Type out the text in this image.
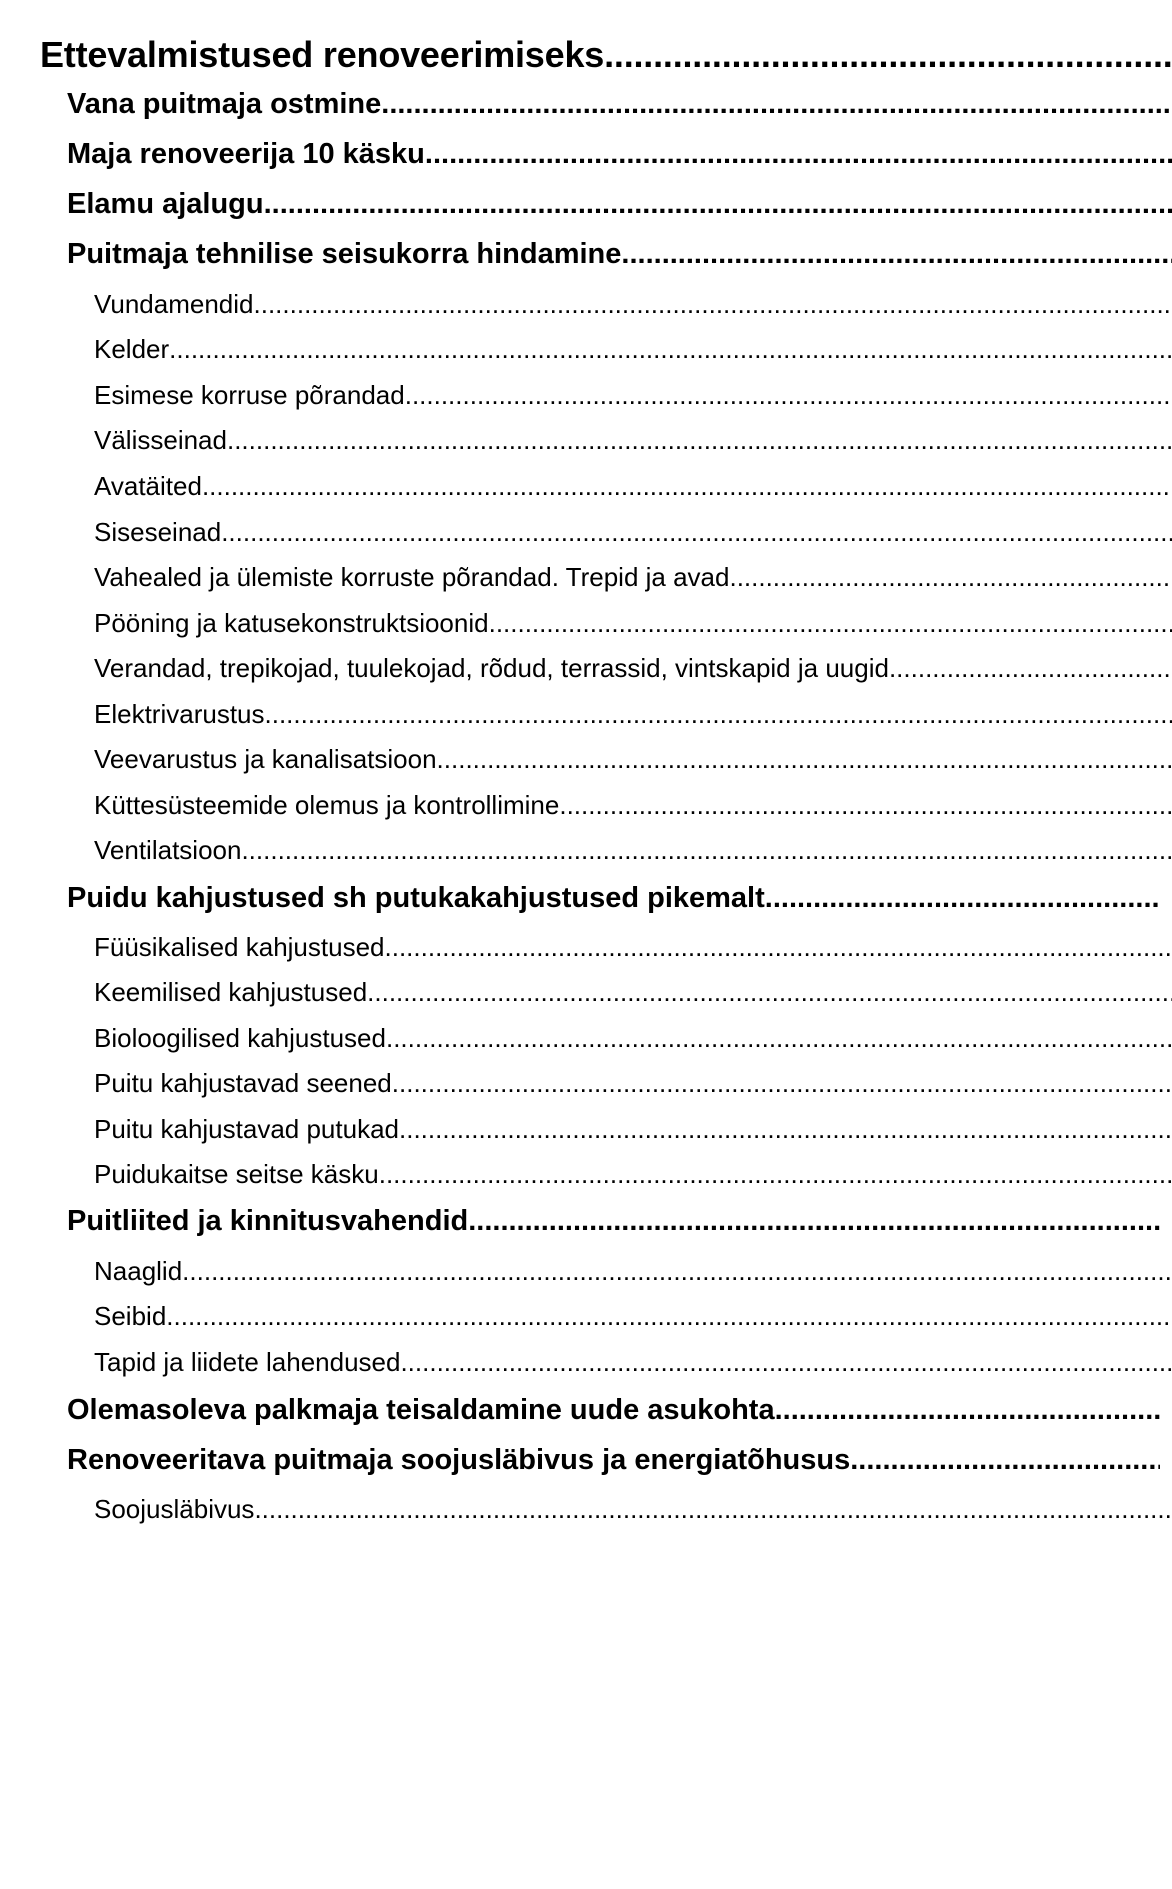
Ettevalmistused renoveerimiseks
.....
Vana puitmaja ostmine
.....
Maja renoveerija 10 käsku.
.....
Elamu ajalugu
.....
Puitmaja tehnilise seisukorra hindamine
.....
Vundamendid
.....
Kelder
.....
Esimese korruse põrandad
.....
Välisseinad.
.....
Avatäited
.....
Siseseinad
.....
Vahealed ja ülemiste korruste põrandad. Trepid ja avad.
.....
Pööning ja katusekonstruktsioonid
.....
Verandad, trepikojad, tuulekojad, rõdud, terrassid, vintskapid ja uugid.
.....
Elektrivarustus
.....
Veevarustus ja kanalisatsioon
.....
Küttesüsteemide olemus ja kontrollimine
.....
Ventilatsioon
.....
Puidu kahjustused sh putukakahjustused pikemalt.
.....
Füüsikalised kahjustused
.....
Keemilised kahjustused
.....
Bioloogilised kahjustused
.....
Puitu kahjustavad seened
.....
Puitu kahjustavad putukad.
.....
Puidukaitse seitse käsku.
.....
Puitliited ja kinnitusvahendid
.....
Naaglid
.....
Seibid
.....
Tapid ja liidete lahendused
.....
Olemasoleva palkmaja teisaldamine uude asukohta
.....
Renoveeritava puitmaja soojusläbivus ja energiatõhusus
.....
Soojusläbivus
.....
